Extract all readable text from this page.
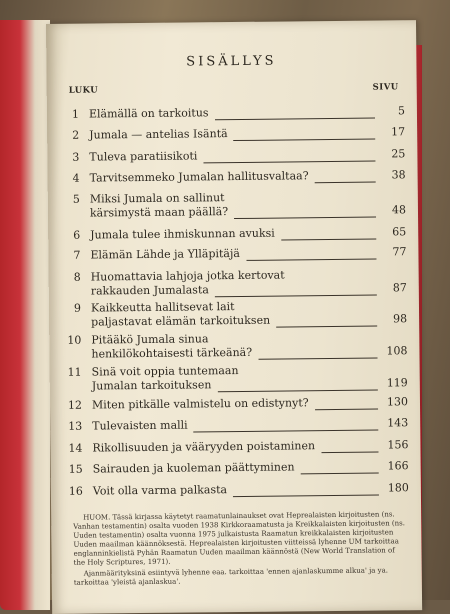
SISÄLLYS
LUKU	SIVU
1 Elämällä on tarkoitus	5
2 Jumala — antelias Isäntä	17
3 Tuleva paratiisikoti	25
4 Tarvitsemmeko Jumalan hallitusvaltaa?	38
5 Miksi Jumala on sallinut
kärsimystä maan päällä?	48
6 Jumala tulee ihmiskunnan avuksi	65
7 Elämän Lähde ja Ylläpitäjä	77
8 Huomattavia lahjoja jotka kertovat
rakkauden Jumalasta	87
9 Kaikkeutta hallitsevat lait
paljastavat elämän tarkoituksen	98
10 Pitääkö Jumala sinua
henkilökohtaisesti tärkeänä?	108
11 Sinä voit oppia tuntemaan
Jumalan tarkoituksen	119
12 Miten pitkälle valmistelu on edistynyt?	130
13 Tulevaisten malli	143
14 Rikollisuuden ja vääryyden poistaminen	156
15 Sairauden ja kuoleman päättyminen	166
16 Voit olla varma palkasta	180

HUOM. Tässä kirjassa käytetyt raamatunlainaukset ovat Heprealaisten kirjoitusten (ns. Vanhan testamentin) osalta vuoden 1938 Kirkkoraamatusta ja Kreikkalaisten kirjoitusten (ns. Uuden testamentin) osalta vuonna 1975 julkaistusta Raamatun kreikkalaisten kirjoitusten Uuden maailman käännöksestä. Heprealaisten kirjoitusten viitteissä lyhenne UM tarkoittaa englanninkielistä Pyhän Raamatun Uuden maailman käännöstä (New World Translation of the Holy Scriptures, 1971).

Ajanmäärityksinä esiintyvä lyhenne eaa. tarkoittaa 'ennen ajanlaskumme alkua' ja ya. tarkoittaa 'yleistä ajanlaskua'.
